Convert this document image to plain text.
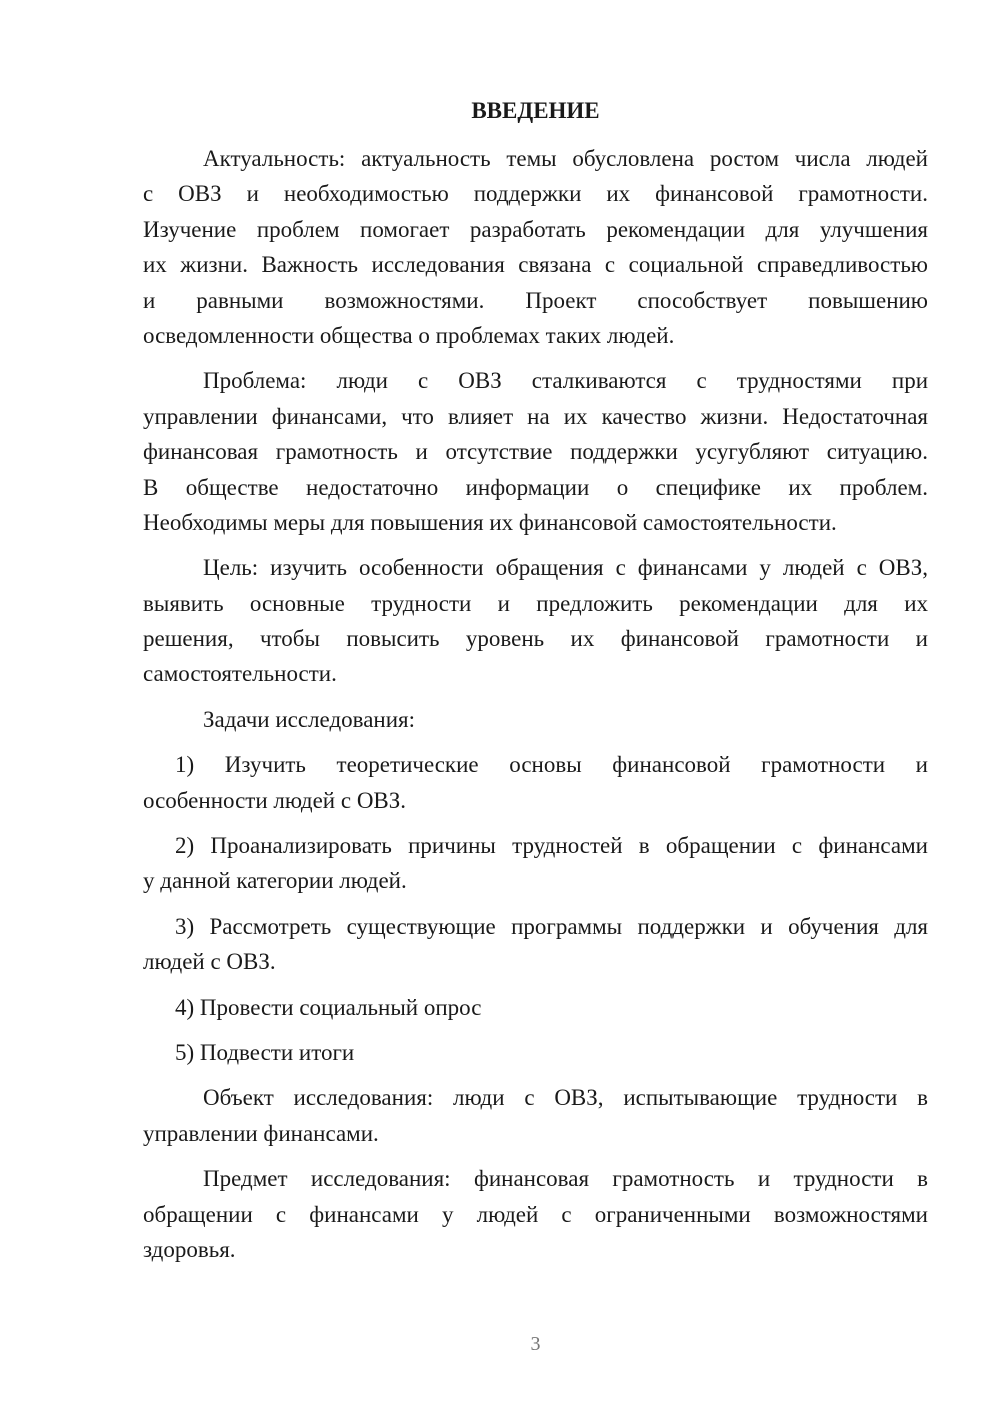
ВВЕДЕНИЕ
Актуальность: актуальность темы обусловлена ростом числа людей
с ОВЗ и необходимостью поддержки их финансовой грамотности.
Изучение проблем помогает разработать рекомендации для улучшения
их жизни. Важность исследования связана с социальной справедливостью
и равными возможностями. Проект способствует повышению
осведомленности общества о проблемах таких людей.
Проблема: люди с ОВЗ сталкиваются с трудностями при
управлении финансами, что влияет на их качество жизни. Недостаточная
финансовая грамотность и отсутствие поддержки усугубляют ситуацию.
В обществе недостаточно информации о специфике их проблем.
Необходимы меры для повышения их финансовой самостоятельности.
Цель: изучить особенности обращения с финансами у людей с ОВЗ,
выявить основные трудности и предложить рекомендации для их
решения, чтобы повысить уровень их финансовой грамотности и
самостоятельности.
Задачи исследования:
1) Изучить теоретические основы финансовой грамотности и
особенности людей с ОВЗ.
2) Проанализировать причины трудностей в обращении с финансами
у данной категории людей.
3) Рассмотреть существующие программы поддержки и обучения для
людей с ОВЗ.
4) Провести социальный опрос
5) Подвести итоги
Объект исследования: люди с ОВЗ, испытывающие трудности в
управлении финансами.
Предмет исследования: финансовая грамотность и трудности в
обращении с финансами у людей с ограниченными возможностями
здоровья.
3
